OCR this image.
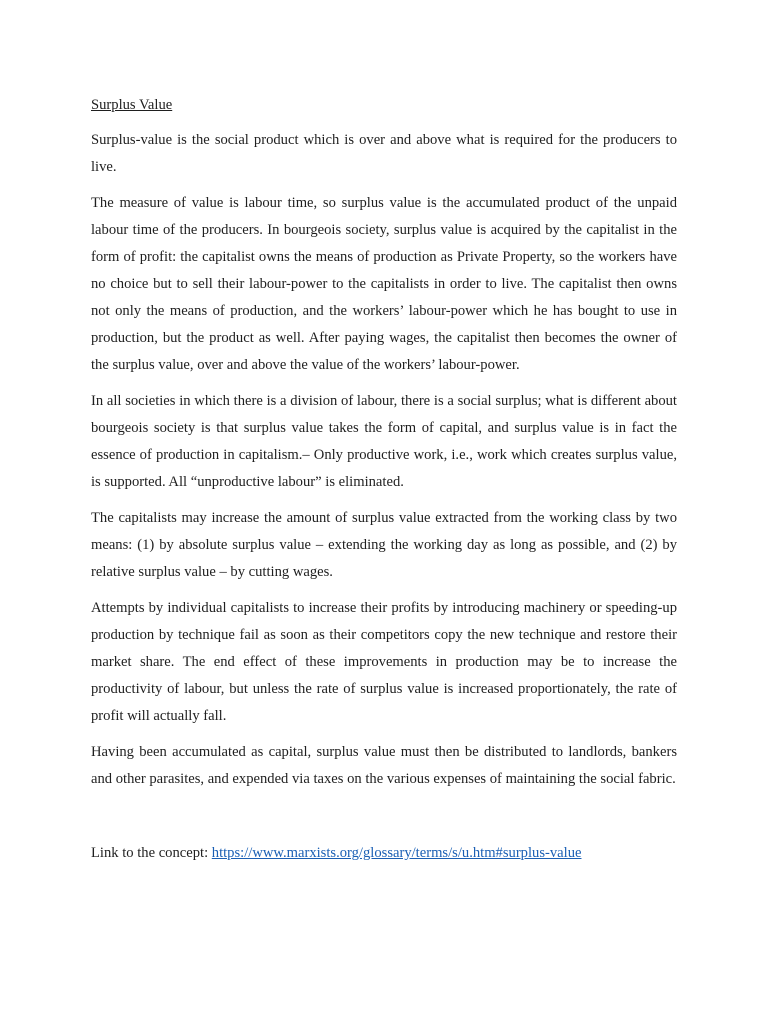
Surplus Value

Surplus-value is the social product which is over and above what is required for the producers to live.

The measure of value is labour time, so surplus value is the accumulated product of the unpaid labour time of the producers. In bourgeois society, surplus value is acquired by the capitalist in the form of profit: the capitalist owns the means of production as Private Property, so the workers have no choice but to sell their labour-power to the capitalists in order to live. The capitalist then owns not only the means of production, and the workers’ labour-power which he has bought to use in production, but the product as well. After paying wages, the capitalist then becomes the owner of the surplus value, over and above the value of the workers’ labour-power.

In all societies in which there is a division of labour, there is a social surplus; what is different about bourgeois society is that surplus value takes the form of capital, and surplus value is in fact the essence of production in capitalism.– Only productive work, i.e., work which creates surplus value, is supported. All “unproductive labour” is eliminated.

The capitalists may increase the amount of surplus value extracted from the working class by two means: (1) by absolute surplus value – extending the working day as long as possible, and (2) by relative surplus value – by cutting wages.

Attempts by individual capitalists to increase their profits by introducing machinery or speeding-up production by technique fail as soon as their competitors copy the new technique and restore their market share. The end effect of these improvements in production may be to increase the productivity of labour, but unless the rate of surplus value is increased proportionately, the rate of profit will actually fall.

Having been accumulated as capital, surplus value must then be distributed to landlords, bankers and other parasites, and expended via taxes on the various expenses of maintaining the social fabric.

Link to the concept: https://www.marxists.org/glossary/terms/s/u.htm#surplus-value
